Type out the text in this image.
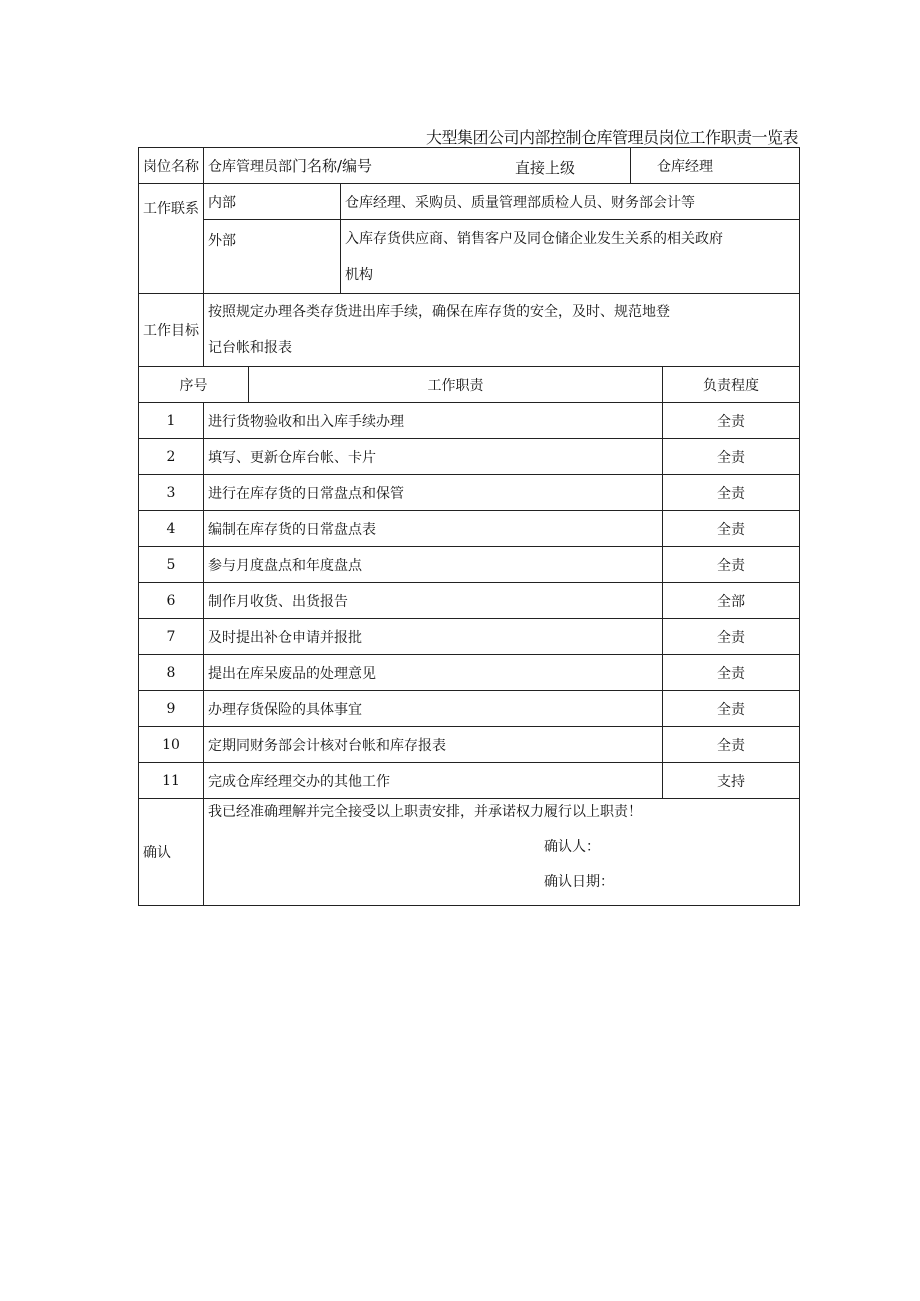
大型集团公司内部控制仓库管理员岗位工作职责一览表
岗位名称	仓库管理员部门名称/编号 直接上级			仓库经理	
工作联系	内部		仓库经理、采购员、质量管理部质检人员、财务部会计等		
	外部		入库存货供应商、销售客户及同仓储企业发生关系的相关政府
机构		

工作目标	按照规定办理各类存货进出库手续，确保在库存货的安全，及时、规范地登
记台帐和报表				

序号		工作职责			负责程度
1	进行货物验收和出入库手续办理				全责
2	填写、更新仓库台帐、卡片				全责
3	进行在库存货的日常盘点和保管				全责
4	编制在库存货的日常盘点表				全责
5	参与月度盘点和年度盘点				全责
6	制作月收货、出货报告				全部
7	及时提出补仓申请并报批				全责
8	提出在库呆废品的处理意见				全责
9	办理存货保险的具体事宜				全责
10	定期同财务部会计核对台帐和库存报表				全责
11	完成仓库经理交办的其他工作				支持
确认	我已经准确理解并完全接受以上职责安排，并承诺权力履行以上职责！
确认人：
确认日期：				
